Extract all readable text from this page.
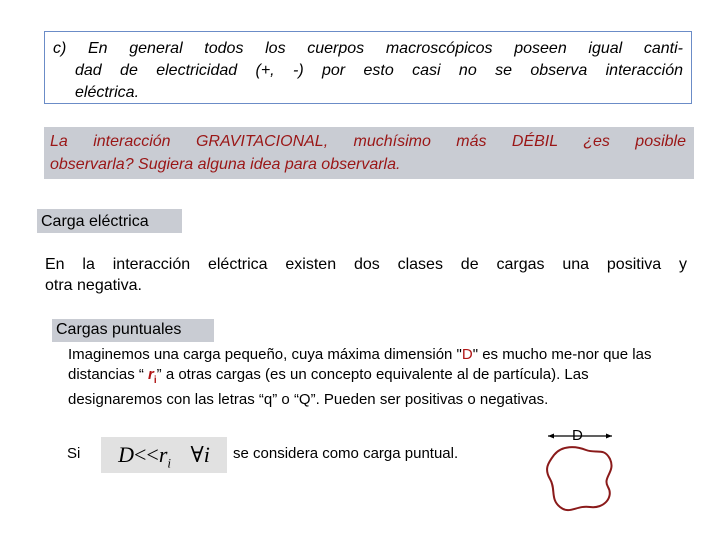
c) En general todos los cuerpos macroscópicos poseen igual canti-
dad de electricidad (+, -) por esto casi no se observa interacción
eléctrica.
La interacción GRAVITACIONAL, muchísimo más DÉBIL ¿es posible
observarla? Sugiera alguna idea para observarla.
Carga eléctrica
En la interacción eléctrica existen dos clases de cargas una positiva y
otra negativa.
Cargas puntuales
Imaginemos una carga pequeño, cuya máxima dimensión "D" es mucho me-nor que las distancias “ $r_i$” a otras cargas (es un concepto equivalente al de partícula). Las designaremos con las letras “q” o “Q”. Pueden ser positivas o negativas.
Si	$D<<r_i$ ∀i	se considera como carga puntual.
D
